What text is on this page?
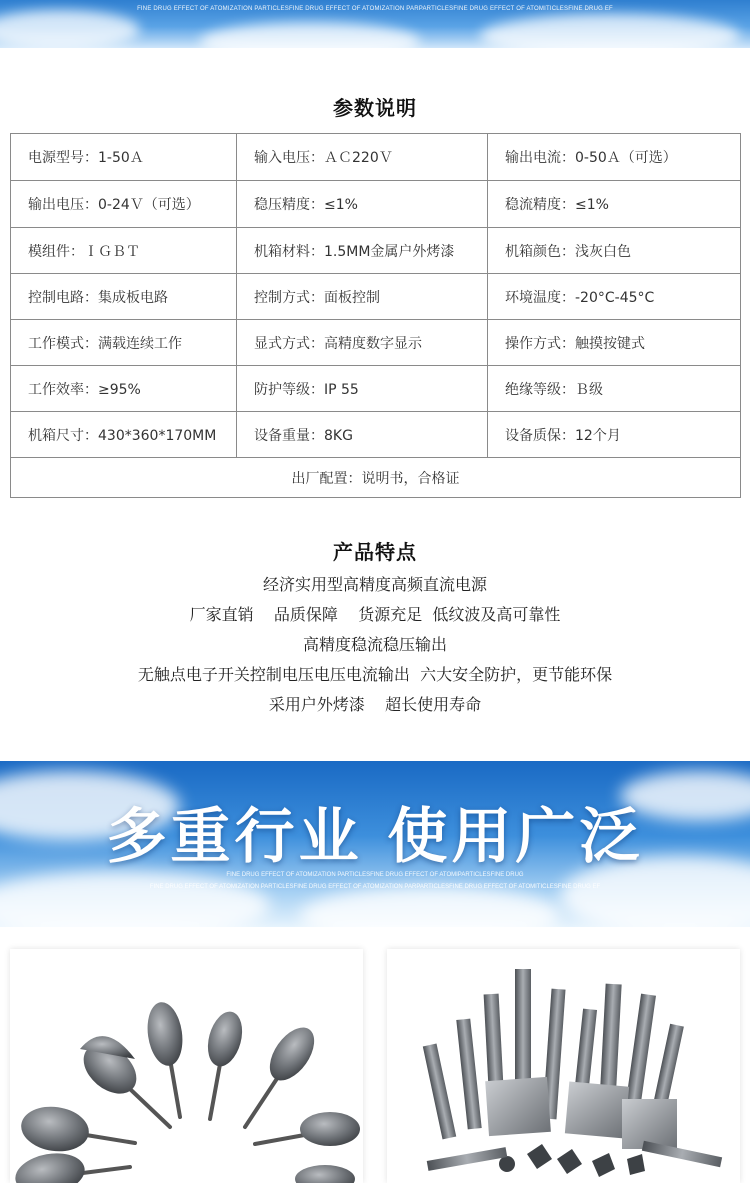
FINE DRUG EFFECT OF ATOMIZATION PARTICLESFINE DRUG EFFECT OF ATOMIZATION PARPARTICLESFINE DRUG EFFECT OF ATOMITICLESFINE DRUG EF
参数说明
电源型号：1-50Ａ	输入电压：ＡＣ220Ｖ	输出电流：0-50Ａ（可选）
输出电压：0-24Ｖ（可选）	稳压精度：≤1%	稳流精度：≤1%
模组件：ＩＧＢＴ	机箱材料：1.5MM金属户外烤漆	机箱颜色：浅灰白色
控制电路：集成板电路	控制方式：面板控制	环境温度：-20°C-45°C
工作模式：满载连续工作	显式方式：高精度数字显示	操作方式：触摸按键式
工作效率：≥95%	防护等级：IP 55	绝缘等级：Ｂ级
机箱尺寸：430*360*170MM	设备重量：8KG	设备质保：12个月
出厂配置：说明书，合格证		
产品特点
经济实用型高精度高频直流电源
厂家直销    品质保障    货源充足  低纹波及高可靠性
高精度稳流稳压输出
无触点电子开关控制电压电压电流输出  六大安全防护，更节能环保
采用户外烤漆    超长使用寿命
多重行业 使用广泛
FINE DRUG EFFECT OF ATOMIZATION PARTICLESFINE DRUG EFFECT OF ATOMIPARTICLESFINE DRUG
FINE DRUG EFFECT OF ATOMIZATION PARTICLESFINE DRUG EFFECT OF ATOMIZATION PARPARTICLESFINE DRUG EFFECT OF ATOMITICLESFINE DRUG EF
